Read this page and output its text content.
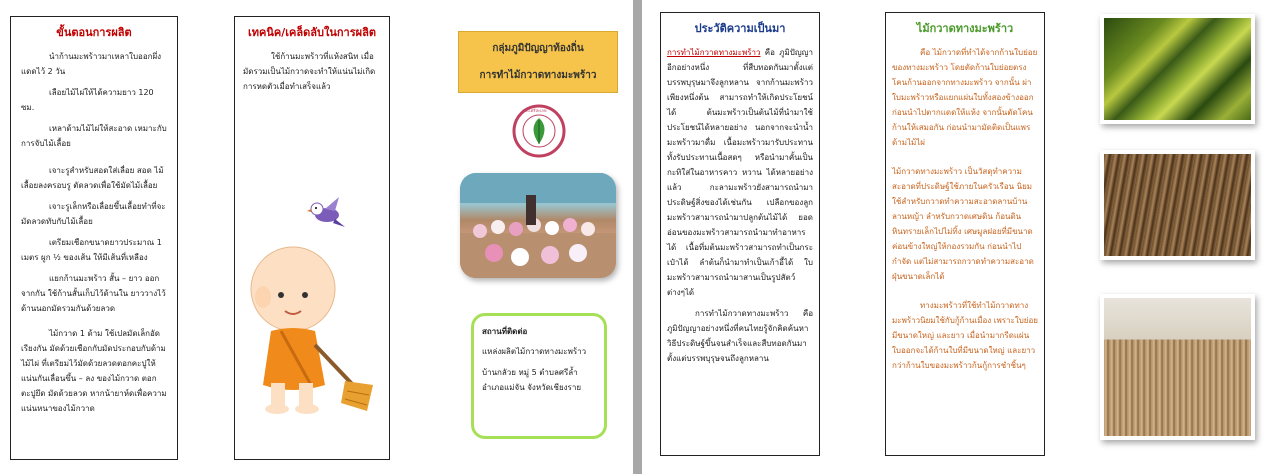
ขั้นตอนการผลิต

นำก้านมะพร้าวมาเหลาใบออกผึ่งแดดไว้ 2 วัน

เลือยไม้ไผ่ให้ได้ความยาว 120 ซม.

เหลาด้ามไม้ไผ่ให้สะอาด เหมาะกับการจับไม้เลื้อย

เจาะรูสำหรับสอดใส่เลื่อย สอด ไม้เลื้อยลงครอบรู ตัดลวดเพื่อใช้มัดไม้เลื้อย

เจาะรูเล็กหรือเลื่อยขึ้นเลื้อยทำที่จะมัดลวดทับกับไม้เลื้อย

เตรียมเชือกขนาดยาวประมาณ 1 เมตร ผูก ½ ของเส้น ให้มีเส้นที่เหลือง

แยกก้านมะพร้าว สั้น – ยาว ออกจากกัน ใช้ก้านสั้นเก็บไว้ด้านใน ยาววางไว้ด้านนอกมัดรวมกันด้วยลวด

ไม้กวาด 1 ด้าม ใช้เปลมัดเล็กอัดเรียงกัน มัดด้วยเชือกกับมัดประกอบกับด้ามไม้ไผ่ ที่เตรียมไว้มัดด้วยลวดตอกคะปูให้แน่นกันเลื่อนขึ้น – ลง ของไม้กวาด ตอกตะปูยึด มัดด้วยลวด หากน้ายาห์ดเพื่อความแน่นหนาของไม้กวาด

เทคนิค/เคล็ดลับในการผลิต
ใช้ก้านมะพร้าวที่แห้งสนิท เมื่อมัดรวมเป็นไม้กวาดจะทำให้แน่นไม่เกิดการหดตัวเมื่อทำเสร็จแล้ว
กลุ่มภูมิปัญญาท้องถิ่น
การทำไม้กวาดทางมะพร้าว
สพป.ศรีสะเกษ
สถานที่ติดต่อ
แหล่งผลิตไม้กวาดทางมะพร้าว
บ้านกลัวย หมู่ 5 ตำบลศรีล้ำ
อำเภอแม่จัน จังหวัดเชียงราย
ประวัติความเป็นมา

การทำไม้กวาดทางมะพร้าว คือ ภูมิปัญญาอีกอย่างหนึ่ง ที่สืบทอดกันมาตั้งแต่บรรพบุรุษมาจึงลูกหลาน จากก้านมะพร้าวเพียงหนึ่งต้น สามารถทำให้เกิดประโยชน์ได้ ต้นมะพร้าวเป็นต้นไม้ที่นำมาใช้ประโยชน์ได้หลายอย่าง นอกจากจะนำน้ำมะพร้าวมาดื่ม เนื้อมะพร้าวมารับประทาน ทั้งรับประทานเนื้อสดๆ หรือนำมาคั้นเป็นกะทิใส่ในอาหารคาว หวาน ได้หลายอย่าง แล้ว กะลามะพร้าวยังสามารถนำมาประดิษฐ์สิ่งของได้เช่นกัน เปลือกของลูกมะพร้าวสามารถนำมาปลูกต้นไม้ได้ ยอดอ่อนของมะพร้าวสามารถนำมาทำอาหารได้ เนื้อที่มต้นมะพร้าวสามารถทำเป็นกระเป๋าได้ ลำต้นก็นำมาทำเป็นเก้าอี้ได้ ใบมะพร้าวสามารถนำมาสานเป็นรูปสัตว์ต่างๆได้

การทำไม้กวาดทางมะพร้าว คือภูมิปัญญาอย่างหนึ่งที่คนไทยรู้จักคิดค้นหาวิธีประดิษฐ์ขึ้นจนสำเร็จและสืบทอดกันมาตั้งแต่บรรพบุรุษจนถึงลูกหลาน

ไม้กวาดทางมะพร้าว

คือ ไม้กวาดที่ทำได้จากก้านใบย่อยของทางมะพร้าว โดยตัดก้านใบย่อยตรงโคนก้านออกจากทางมะพร้าว จากนั้น ผ่าใบมะพร้าวหรือแยกแผ่นใบทั้งสองข้างออก ก่อนนำไปตากแดดให้แห้ง จากนั้นตัดโคนก้านให้เสมอกัน ก่อนนำมามัดติดเป็นแพรด้ามไม้ไผ่

ไม้กวาดทางมะพร้าว เป็นวัสดุทำความสะอาดที่ประดิษฐ์ใช้ภายในครัวเรือน นิยมใช้สำหรับกวาดทำความสะอาดลานบ้าน ลานหญ้า ลำหรับกวาดเศษดิน ก้อนดิน หินทรายเล็กไปไม่ทิ้ง เศษมูลฝอยที่มีขนาดค่อนข้างใหญ่ให้กองรวมกัน ก่อนนำไปกำจัด แต่ไม่สามารถกวาดทำความสะอาดฝุ่นขนาดเล็กได้

ทางมะพร้าวที่ใช้ทำไม้กวาดทางมะพร้าวนิยมใช้กับกู้ก้านเมื่อง เพราะใบย่อยมีขนาดใหญ่ และยาว เมื่อนำมากรีดแผ่นใบออกจะได้ก้านใบที่มีขนาดใหญ่ และยาวกว่าก้านใบของมะพร้าวก้นกู้การชำชิ้นๆ
